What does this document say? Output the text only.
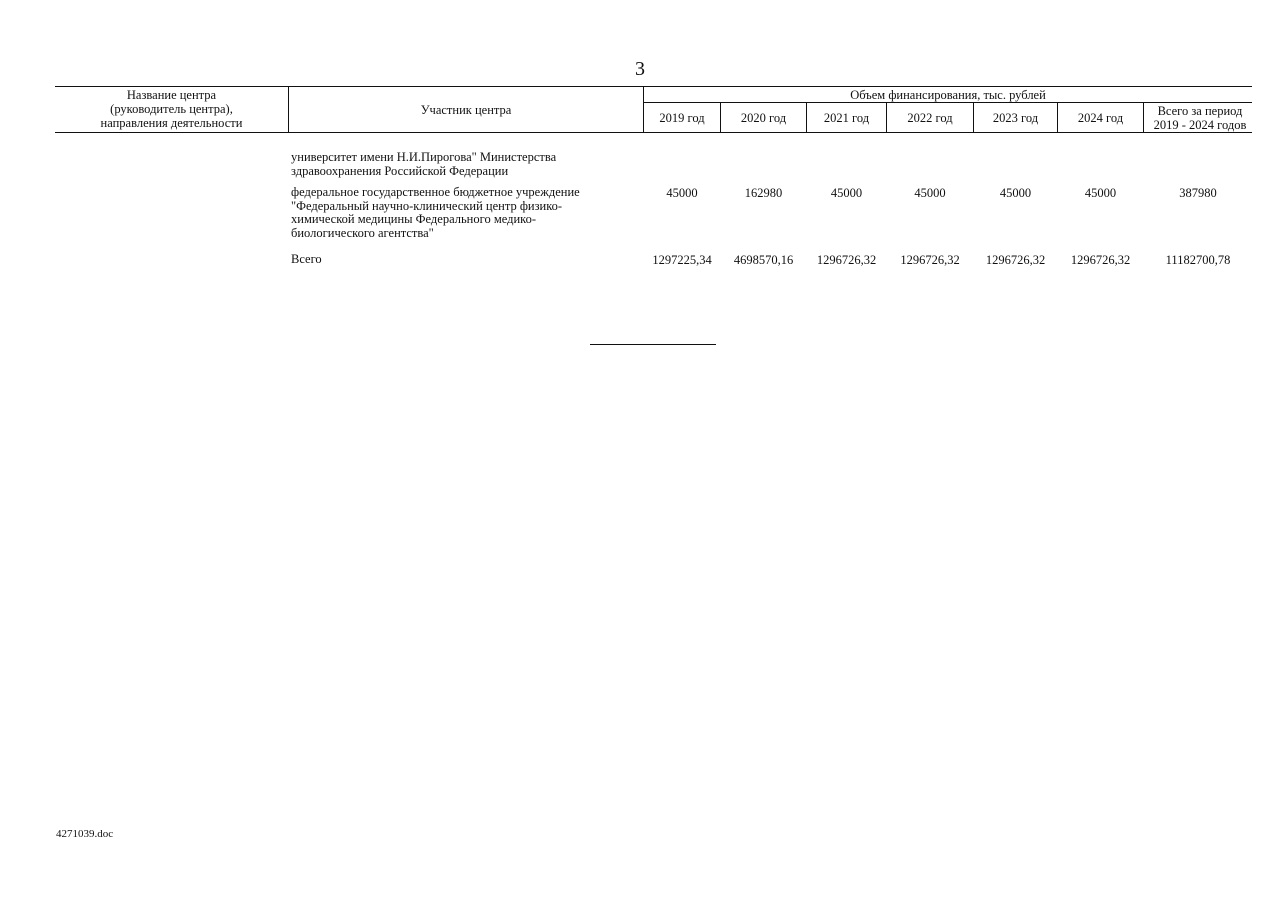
3
Название центра
(руководитель центра),
направления деятельности
Участник центра
Объем финансирования, тыс. рублей
2019 год	2020 год	2021 год	2022 год	2023 год	2024 год	Всего за период
2019 - 2024 годов
университет имени Н.И.Пирогова" Министерства
здравоохранения Российской Федерации
федеральное государственное бюджетное учреждение
"Федеральный научно-клинический центр физико-
химической медицины Федерального медико-
биологического агентства"
45000	162980	45000	45000	45000	45000	387980
Всего	1297225,34	4698570,16	1296726,32	1296726,32	1296726,32	1296726,32	11182700,78
4271039.doc
